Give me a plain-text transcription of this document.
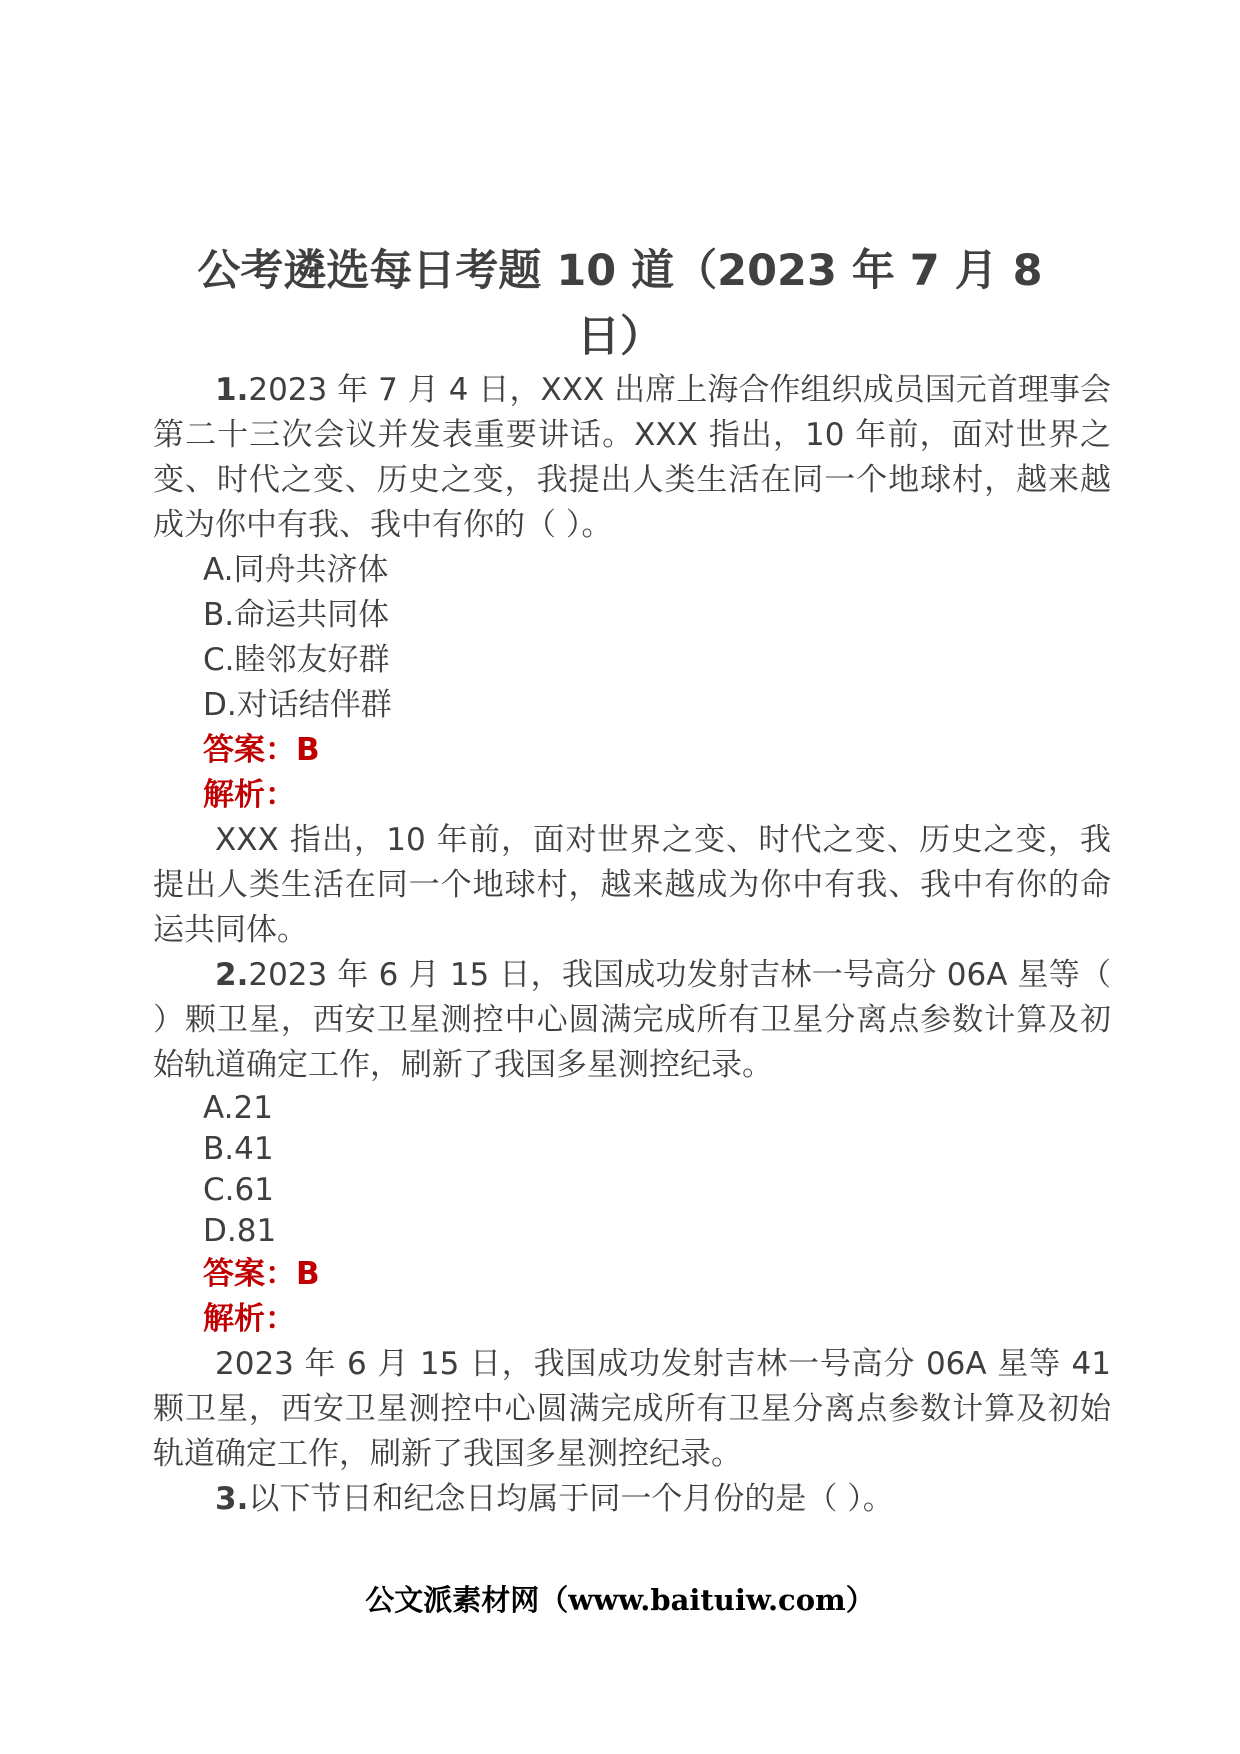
公考遴选每日考题 10 道（2023 年 7 月 8 日）

1.2023 年 7 月 4 日，XXX 出席上海合作组织成员国元首理事会第二十三次会议并发表重要讲话。XXX 指出，10 年前，面对世界之变、时代之变、历史之变，我提出人类生活在同一个地球村，越来越成为你中有我、我中有你的（ ）。

A.同舟共济体

B.命运共同体

C.睦邻友好群

D.对话结伴群

答案：B

解析：

XXX 指出，10 年前，面对世界之变、时代之变、历史之变，我提出人类生活在同一个地球村，越来越成为你中有我、我中有你的命运共同体。

2.2023 年 6 月 15 日，我国成功发射吉林一号高分 06A 星等（ ）颗卫星，西安卫星测控中心圆满完成所有卫星分离点参数计算及初始轨道确定工作，刷新了我国多星测控纪录。

A.21

B.41

C.61

D.81

答案：B

解析：

2023 年 6 月 15 日，我国成功发射吉林一号高分 06A 星等 41 颗卫星，西安卫星测控中心圆满完成所有卫星分离点参数计算及初始轨道确定工作，刷新了我国多星测控纪录。

3.以下节日和纪念日均属于同一个月份的是（ ）。

公文派素材网（www.baituiw.com）
